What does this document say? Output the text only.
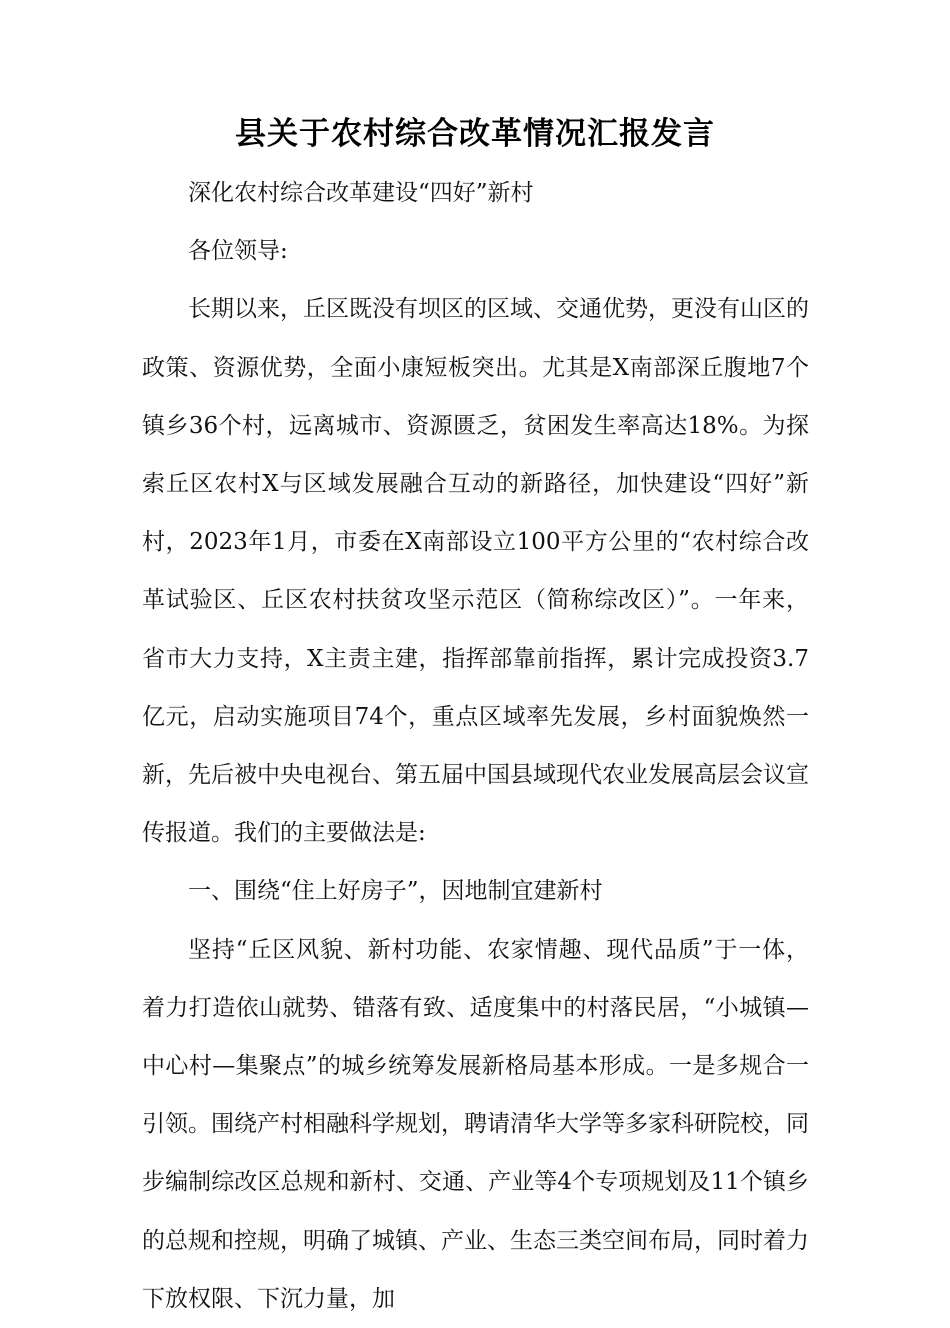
县关于农村综合改革情况汇报发言

深化农村综合改革建设“四好”新村

各位领导:

长期以来，丘区既没有坝区的区域、交通优势，更没有山区的政策、资源优势，全面小康短板突出。尤其是X南部深丘腹地7个镇乡36个村，远离城市、资源匮乏，贫困发生率高达18%。为探索丘区农村X与区域发展融合互动的新路径，加快建设“四好”新村，2023年1月，市委在X南部设立100平方公里的“农村综合改革试验区、丘区农村扶贫攻坚示范区（简称综改区）”。一年来，省市大力支持，X主责主建，指挥部靠前指挥，累计完成投资3.7亿元，启动实施项目74个，重点区域率先发展，乡村面貌焕然一新，先后被中央电视台、第五届中国县域现代农业发展高层会议宣传报道。我们的主要做法是:

一、围绕“住上好房子”，因地制宜建新村

坚持“丘区风貌、新村功能、农家情趣、现代品质”于一体，着力打造依山就势、错落有致、适度集中的村落民居，“小城镇—中心村—集聚点”的城乡统筹发展新格局基本形成。一是多规合一引领。围绕产村相融科学规划，聘请清华大学等多家科研院校，同步编制综改区总规和新村、交通、产业等4个专项规划及11个镇乡的总规和控规，明确了城镇、产业、生态三类空间布局，同时着力下放权限、下沉力量，加
